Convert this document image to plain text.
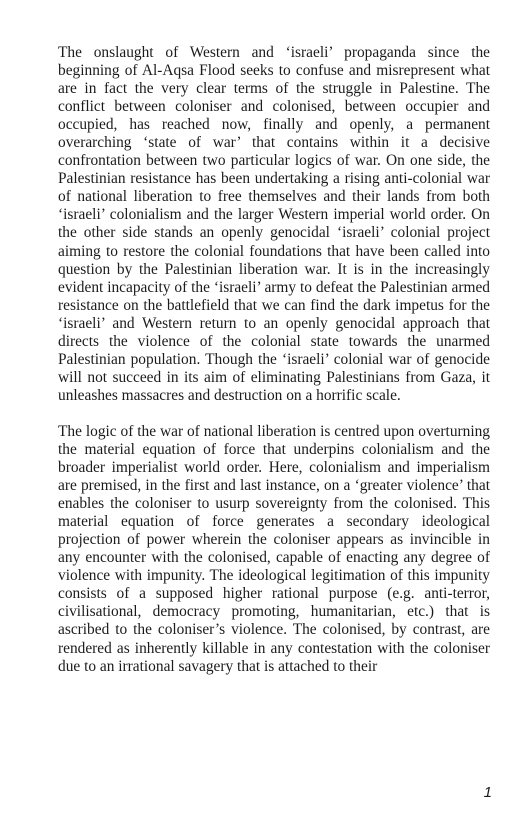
The onslaught of Western and ‘israeli’ propaganda since the beginning of Al-Aqsa Flood seeks to confuse and misrepresent what are in fact the very clear terms of the struggle in Palestine. The conflict between coloniser and colonised, between occupier and occupied, has reached now, finally and openly, a permanent overarching ‘state of war’ that contains within it a decisive confrontation between two particular logics of war. On one side, the Palestinian resistance has been undertaking a rising anti-colonial war of national liberation to free themselves and their lands from both ‘israeli’ colonialism and the larger Western imperial world order. On the other side stands an openly genocidal ‘israeli’ colonial project aiming to restore the colonial foundations that have been called into question by the Palestinian liberation war. It is in the increasingly evident incapacity of the ‘israeli’ army to defeat the Palestinian armed resistance on the battlefield that we can find the dark impetus for the ‘israeli’ and Western return to an openly genocidal approach that directs the violence of the colonial state towards the unarmed Palestinian population. Though the ‘israeli’ colonial war of genocide will not succeed in its aim of eliminating Palestinians from Gaza, it unleashes massacres and destruction on a horrific scale.

The logic of the war of national liberation is centred upon overturning the material equation of force that underpins colonialism and the broader imperialist world order. Here, colonialism and imperialism are premised, in the first and last instance, on a ‘greater violence’ that enables the coloniser to usurp sovereignty from the colonised. This material equation of force generates a secondary ideological projection of power wherein the coloniser appears as invincible in any encounter with the colonised, capable of enacting any degree of violence with impunity. The ideological legitimation of this impunity consists of a supposed higher rational purpose (e.g. anti-terror, civilisational, democracy promoting, humanitarian, etc.) that is ascribed to the coloniser’s violence. The colonised, by contrast, are rendered as inherently killable in any contestation with the coloniser due to an irrational savagery that is attached to their

1
